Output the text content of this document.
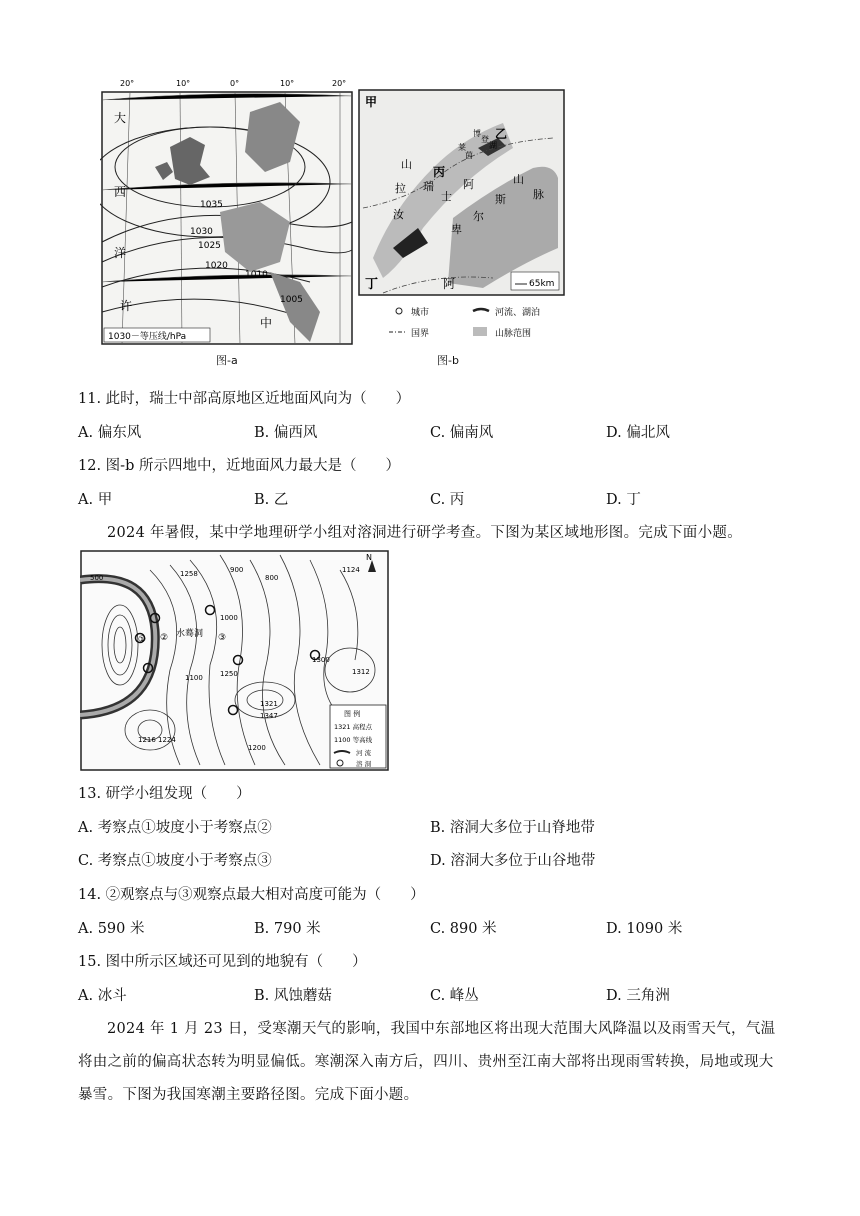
20°	10°	0°	10°	20°
1035
1030
1025
1020
1010
1005
大
西
洋
许
中
1030－等压线/hPa
图-a
甲
乙
丙
丁
山
拉
汝
瑞
士
阿
尔
卑
斯
山
脉
博
登
湖
莱
茵
阿	65km
城市	河流、湖泊
国界	山脉范围
图-b
11. 此时，瑞士中部高原地区近地面风向为（　　）
A. 偏东风	B. 偏西风	C. 偏南风	D. 偏北风
12. 图-b 所示四地中，近地面风力最大是（　　）
A. 甲	B. 乙	C. 丙	D. 丁
2024 年暑假，某中学地理研学小组对溶洞进行研学考查。下图为某区域地形图。完成下面小题。
水蓦洞
① ②	③
1258	1124
1250	1312
1321
1347
1216 1224
500
1000
1100
1200
1300
800
900
N
图 例
1321 高程点
1100 等高线
河 流
溶 洞
13. 研学小组发现（　　）
A. 考察点①坡度小于考察点②	B. 溶洞大多位于山脊地带
C. 考察点①坡度小于考察点③	D. 溶洞大多位于山谷地带
14. ②观察点与③观察点最大相对高度可能为（　　）
A. 590 米	B. 790 米	C. 890 米	D. 1090 米
15. 图中所示区域还可见到的地貌有（　　）
A. 冰斗	B. 风蚀蘑菇	C. 峰丛	D. 三角洲
2024 年 1 月 23 日，受寒潮天气的影响，我国中东部地区将出现大范围大风降温以及雨雪天气，气温将由之前的偏高状态转为明显偏低。寒潮深入南方后，四川、贵州至江南大部将出现雨雪转换，局地或现大暴雪。下图为我国寒潮主要路径图。完成下面小题。
